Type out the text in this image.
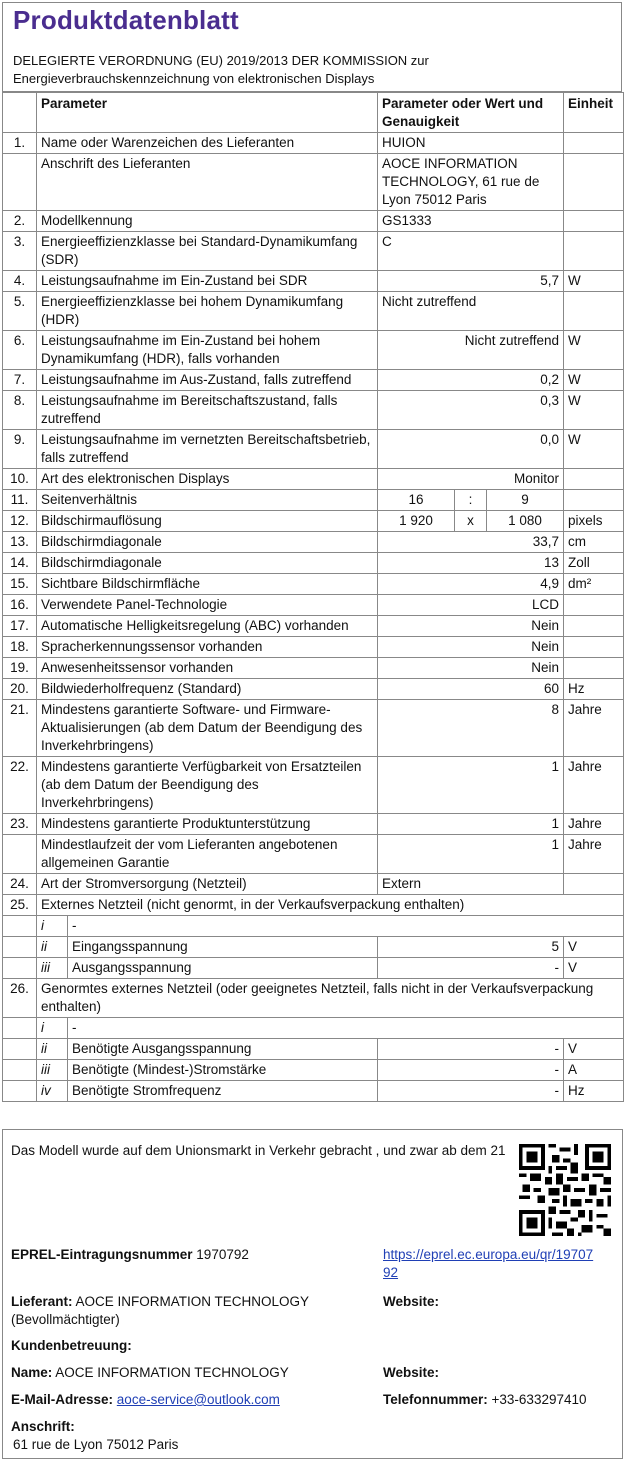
Produktdatenblatt
DELEGIERTE VERORDNUNG (EU) 2019/2013 DER KOMMISSION zur
Energieverbrauchskennzeichnung von elektronischen Displays
	Parameter		Parameter oder Wert und Genauigkeit			Einheit
1.	Name oder Warenzeichen des Lieferanten		HUION			
	Anschrift des Lieferanten		AOCE INFORMATION TECHNOLOGY, 61 rue de Lyon 75012 Paris			
2.	Modellkennung		GS1333			
3.	Energieeffizienzklasse bei Standard-Dynamikumfang (SDR)		C			
4.	Leistungsaufnahme im Ein-Zustand bei SDR		5,7			W
5.	Energieeffizienzklasse bei hohem Dynamikumfang (HDR)		Nicht zutreffend			
6.	Leistungsaufnahme im Ein-Zustand bei hohem Dynamikumfang (HDR), falls vorhanden		Nicht zutreffend			W
7.	Leistungsaufnahme im Aus-Zustand, falls zutreffend		0,2			W
8.	Leistungsaufnahme im Bereitschaftszustand, falls zutreffend		0,3			W
9.	Leistungsaufnahme im vernetzten Bereitschaftsbetrieb, falls zutreffend		0,0			W
10.	Art des elektronischen Displays		Monitor			
11.	Seitenverhältnis		16	:	9	
12.	Bildschirmauflösung		1 920	x	1 080	pixels
13.	Bildschirmdiagonale		33,7			cm
14.	Bildschirmdiagonale		13			Zoll
15.	Sichtbare Bildschirmfläche		4,9			dm²
16.	Verwendete Panel-Technologie		LCD			
17.	Automatische Helligkeitsregelung (ABC) vorhanden		Nein			
18.	Spracherkennungssensor vorhanden		Nein			
19.	Anwesenheitssensor vorhanden		Nein			
20.	Bildwiederholfrequenz (Standard)		60			Hz
21.	Mindestens garantierte Software- und Firmware-Aktualisierungen (ab dem Datum der Beendigung des Inverkehrbringens)		8			Jahre
22.	Mindestens garantierte Verfügbarkeit von Ersatzteilen (ab dem Datum der Beendigung des Inverkehrbringens)		1			Jahre
23.	Mindestens garantierte Produktunterstützung		1			Jahre
	Mindestlaufzeit der vom Lieferanten angebotenen allgemeinen Garantie		1			Jahre
24.	Art der Stromversorgung (Netzteil)		Extern			
25.	Externes Netzteil (nicht genormt, in der Verkaufsverpackung enthalten)					
	i	-				
	ii	Eingangsspannung	5			V
	iii	Ausgangsspannung	-			V
26.	Genormtes externes Netzteil (oder geeignetes Netzteil, falls nicht in der Verkaufsverpackung enthalten)					
	i	-				
	ii	Benötigte Ausgangsspannung	-			V
	iii	Benötigte (Mindest-)Stromstärke	-			A
	iv	Benötigte Stromfrequenz	-			Hz
Das Modell wurde auf dem Unionsmarkt in Verkehr gebracht , und zwar ab dem 21
EPREL-Eintragungsnummer 1970792	https://eprel.ec.europa.eu/qr/1970792
Lieferant: AOCE INFORMATION TECHNOLOGY (Bevollmächtigter)
Website:
Kundenbetreuung:
Name: AOCE INFORMATION TECHNOLOGY	Website:
E-Mail-Adresse: aoce-service@outlook.com	Telefonnummer: +33-633297410
Anschrift:
61 rue de Lyon 75012 Paris
